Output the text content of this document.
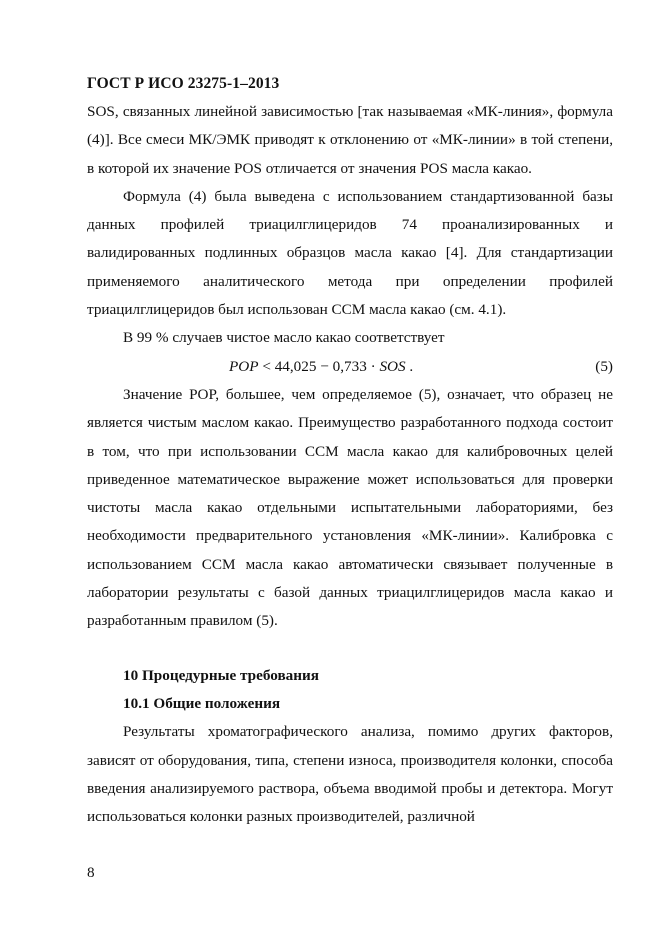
ГОСТ Р ИСО 23275-1–2013

SOS, связанных линейной зависимостью [так называемая «МК-линия», формула (4)]. Все смеси МК/ЭМК приводят к отклонению от «МК-линии» в той степени, в которой их значение POS отличается от значения POS масла какао.

Формула (4) была выведена с использованием стандартизованной базы данных профилей триацилглицеридов 74 проанализированных и валидированных подлинных образцов масла какао [4]. Для стандартизации применяемого аналитического метода при определении профилей триацилглицеридов был использован CCM масла какао (см. 4.1).

В 99 % случаев чистое масло какао соответствует

POP < 44,025 − 0,733 · SOS .	(5)

Значение POP, большее, чем определяемое (5), означает, что образец не является чистым маслом какао. Преимущество разработанного подхода состоит в том, что при использовании CCM масла какао для калибровочных целей приведенное математическое выражение может использоваться для проверки чистоты масла какао отдельными испытательными лабораториями, без необходимости предварительного установления «МК-линии». Калибровка с использованием CCM масла какао автоматически связывает полученные в лаборатории результаты с базой данных триацилглицеридов масла какао и разработанным правилом (5).

10 Процедурные требования

10.1 Общие положения

Результаты хроматографического анализа, помимо других факторов, зависят от оборудования, типа, степени износа, производителя колонки, способа введения анализируемого раствора, объема вводимой пробы и детектора. Могут использоваться колонки разных производителей, различной

8
